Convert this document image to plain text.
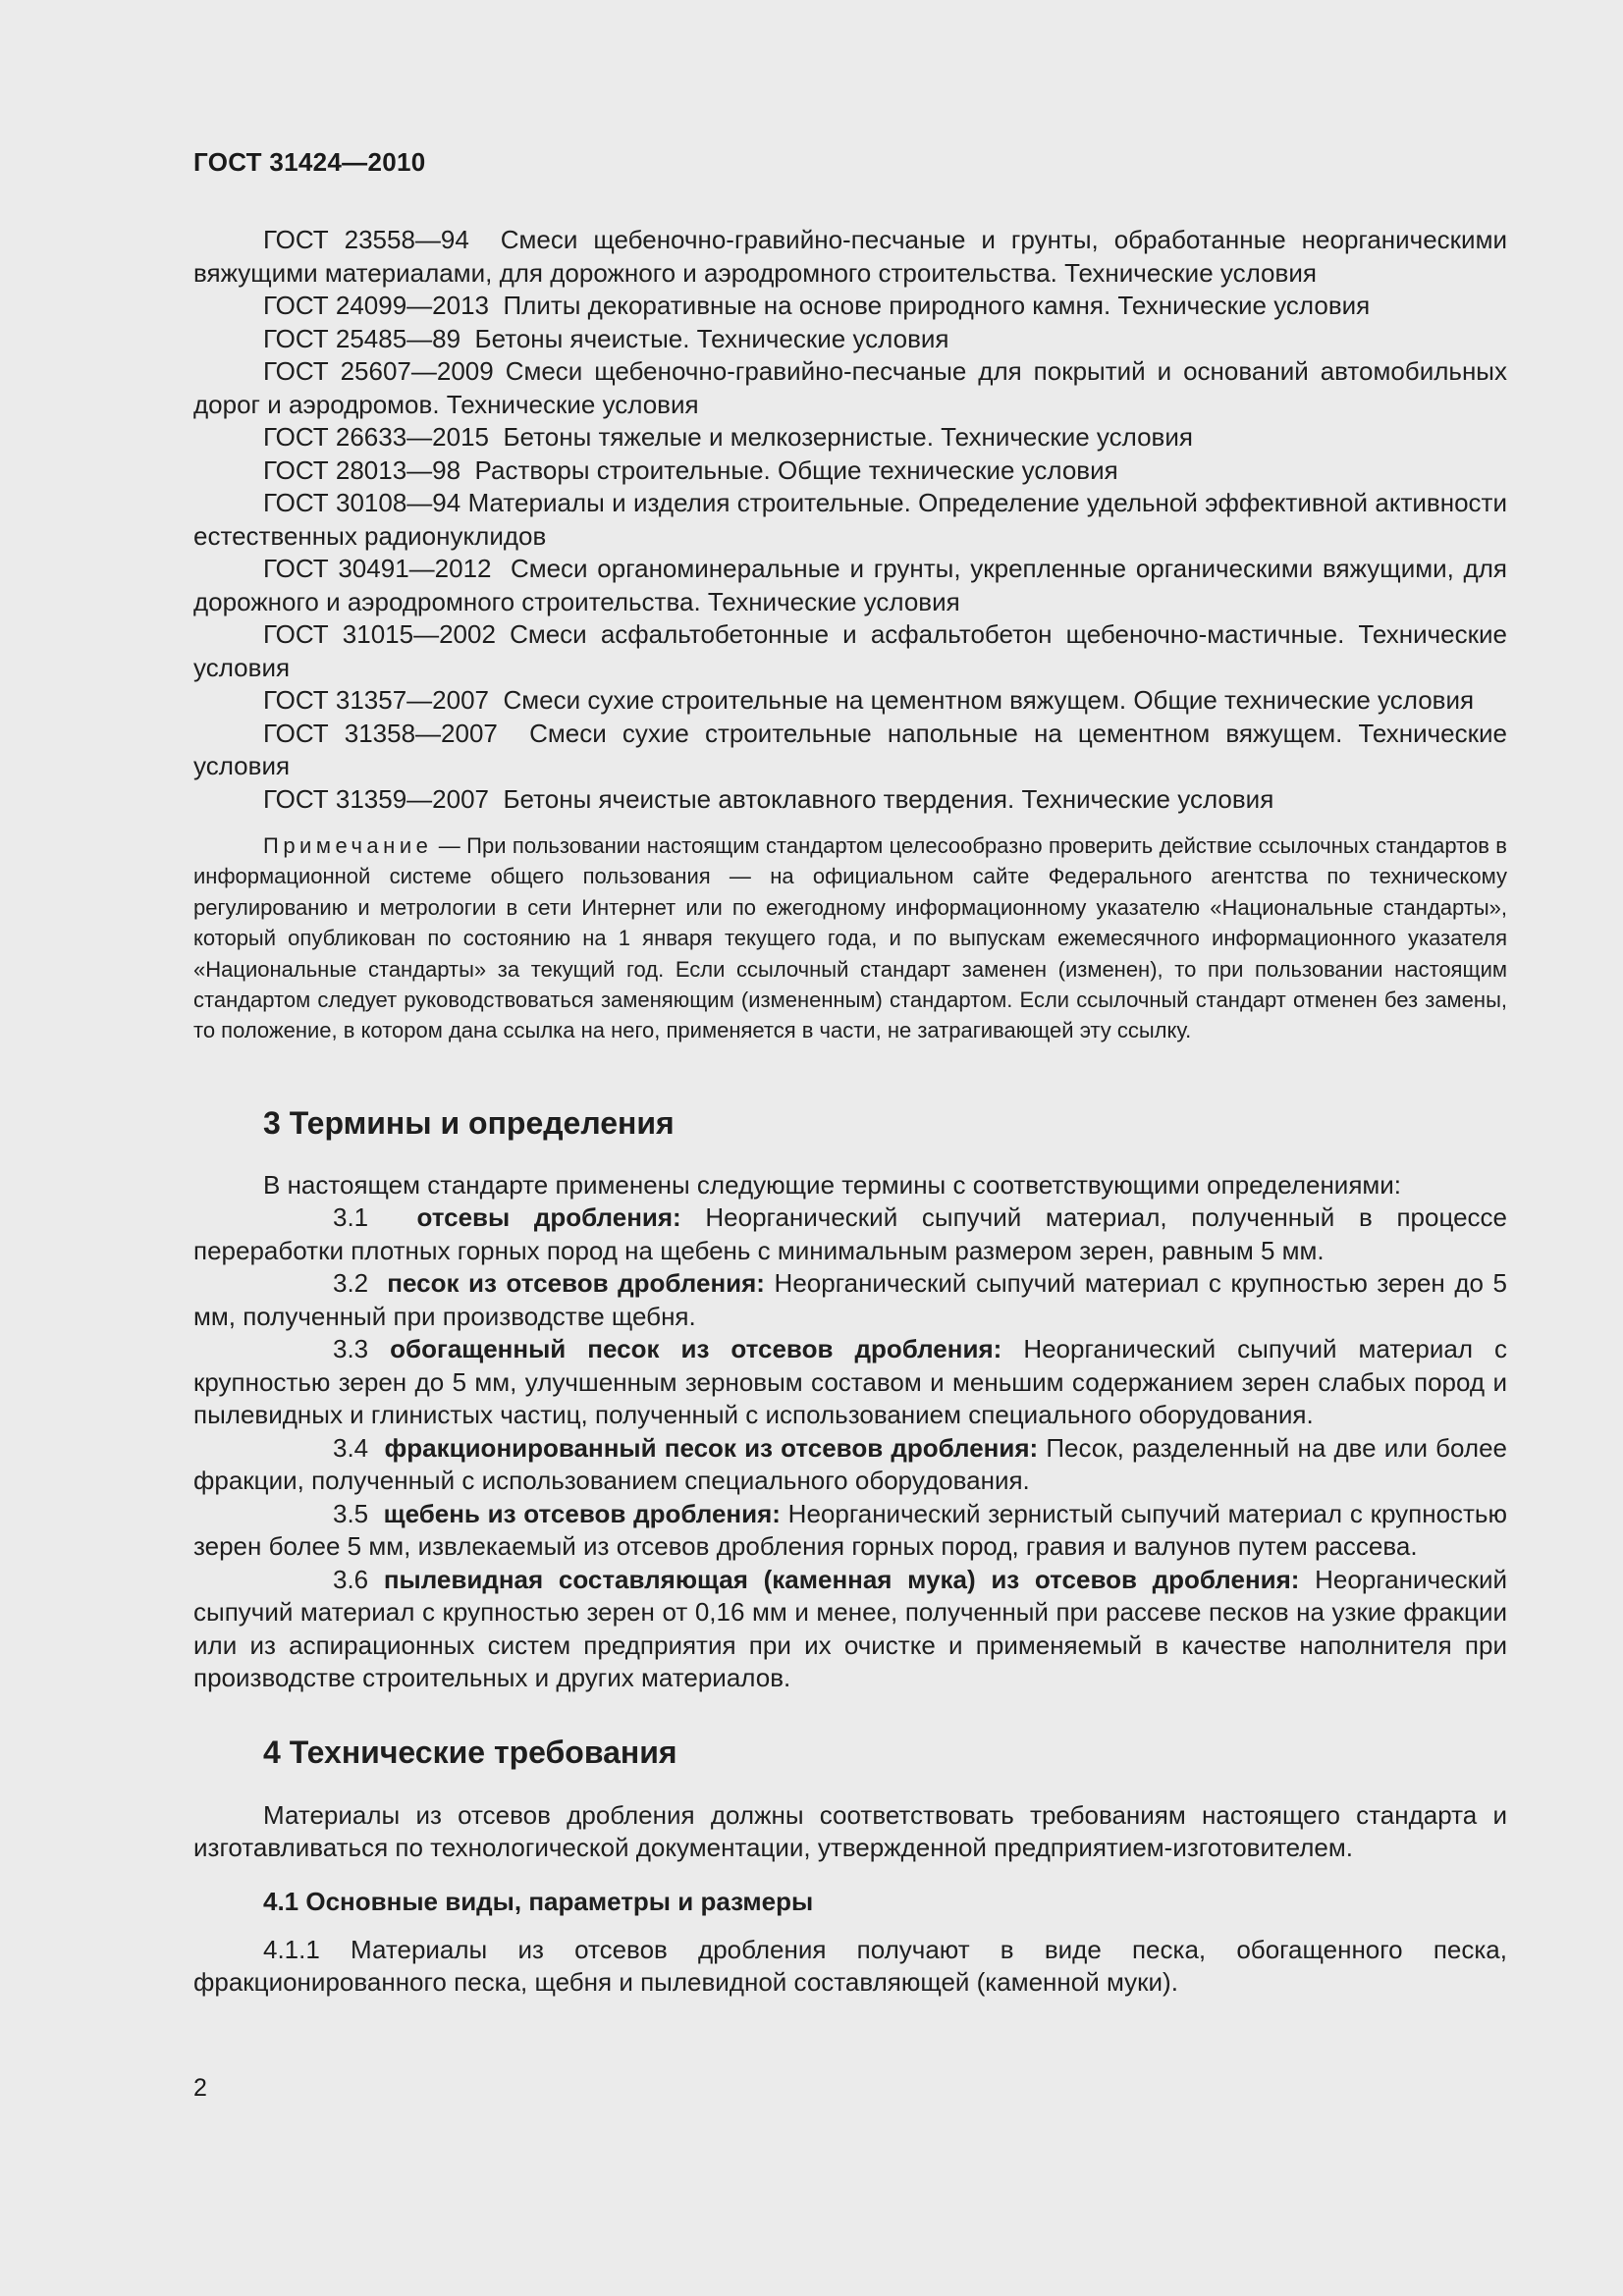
ГОСТ 31424—2010

ГОСТ 23558—94 Смеси щебеночно-гравийно-песчаные и грунты, обработанные неорганическими вяжущими материалами, для дорожного и аэродромного строительства. Технические условия

ГОСТ 24099—2013 Плиты декоративные на основе природного камня. Технические условия

ГОСТ 25485—89 Бетоны ячеистые. Технические условия

ГОСТ 25607—2009 Смеси щебеночно-гравийно-песчаные для покрытий и оснований автомобильных дорог и аэродромов. Технические условия

ГОСТ 26633—2015 Бетоны тяжелые и мелкозернистые. Технические условия

ГОСТ 28013—98 Растворы строительные. Общие технические условия

ГОСТ 30108—94 Материалы и изделия строительные. Определение удельной эффективной активности естественных радионуклидов

ГОСТ 30491—2012 Смеси органоминеральные и грунты, укрепленные органическими вяжущими, для дорожного и аэродромного строительства. Технические условия

ГОСТ 31015—2002 Смеси асфальтобетонные и асфальтобетон щебеночно-мастичные. Технические условия

ГОСТ 31357—2007 Смеси сухие строительные на цементном вяжущем. Общие технические условия

ГОСТ 31358—2007 Смеси сухие строительные напольные на цементном вяжущем. Технические условия

ГОСТ 31359—2007 Бетоны ячеистые автоклавного твердения. Технические условия

Примечание — При пользовании настоящим стандартом целесообразно проверить действие ссылочных стандартов в информационной системе общего пользования — на официальном сайте Федерального агентства по техническому регулированию и метрологии в сети Интернет или по ежегодному информационному указателю «Национальные стандарты», который опубликован по состоянию на 1 января текущего года, и по выпускам ежемесячного информационного указателя «Национальные стандарты» за текущий год. Если ссылочный стандарт заменен (изменен), то при пользовании настоящим стандартом следует руководствоваться заменяющим (измененным) стандартом. Если ссылочный стандарт отменен без замены, то положение, в котором дана ссылка на него, применяется в части, не затрагивающей эту ссылку.

3 Термины и определения

В настоящем стандарте применены следующие термины с соответствующими определениями:

3.1 отсевы дробления: Неорганический сыпучий материал, полученный в процессе переработки плотных горных пород на щебень с минимальным размером зерен, равным 5 мм.

3.2 песок из отсевов дробления: Неорганический сыпучий материал с крупностью зерен до 5 мм, полученный при производстве щебня.

3.3 обогащенный песок из отсевов дробления: Неорганический сыпучий материал с крупностью зерен до 5 мм, улучшенным зерновым составом и меньшим содержанием зерен слабых пород и пылевидных и глинистых частиц, полученный с использованием специального оборудования.

3.4 фракционированный песок из отсевов дробления: Песок, разделенный на две или более фракции, полученный с использованием специального оборудования.

3.5 щебень из отсевов дробления: Неорганический зернистый сыпучий материал с крупностью зерен более 5 мм, извлекаемый из отсевов дробления горных пород, гравия и валунов путем рассева.

3.6 пылевидная составляющая (каменная мука) из отсевов дробления: Неорганический сыпучий материал с крупностью зерен от 0,16 мм и менее, полученный при рассеве песков на узкие фракции или из аспирационных систем предприятия при их очистке и применяемый в качестве наполнителя при производстве строительных и других материалов.

4 Технические требования

Материалы из отсевов дробления должны соответствовать требованиям настоящего стандарта и изготавливаться по технологической документации, утвержденной предприятием-изготовителем.

4.1 Основные виды, параметры и размеры

4.1.1 Материалы из отсевов дробления получают в виде песка, обогащенного песка, фракционированного песка, щебня и пылевидной составляющей (каменной муки).

2
